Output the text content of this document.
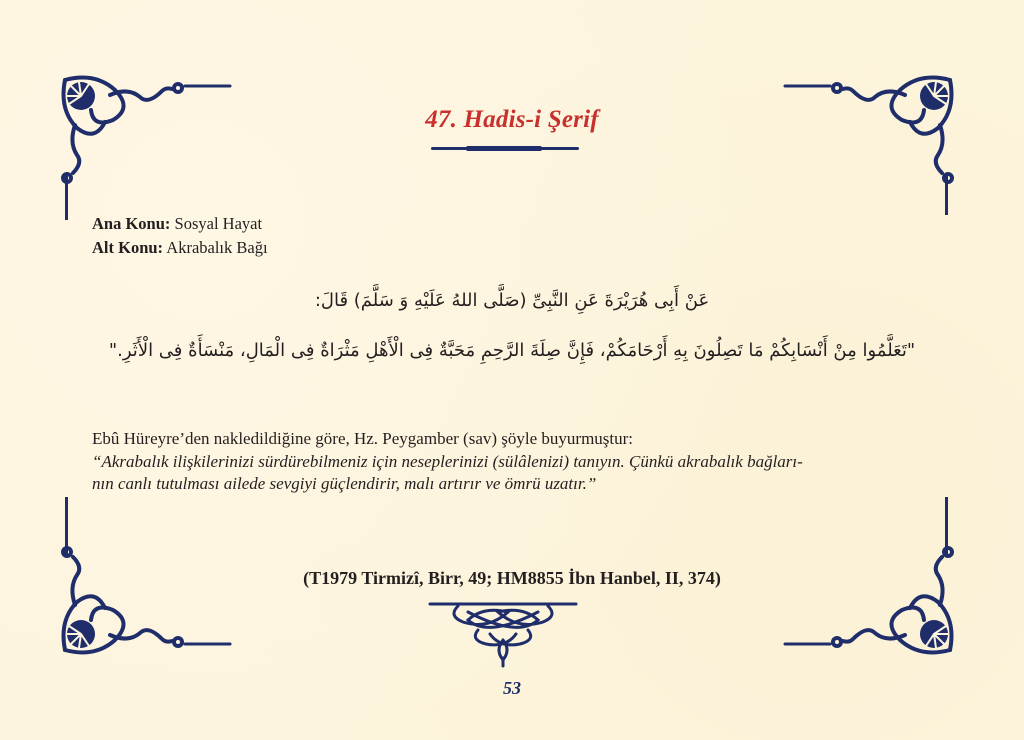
47. Hadis-i Şerif
Ana Konu: Sosyal Hayat
Alt Konu: Akrabalık Bağı
عَنْ أَبِى هُرَيْرَةَ عَنِ النَّبِىِّ (صَلَّى اللهُ عَلَيْهِ وَ سَلَّمَ) قَالَ:
"تَعَلَّمُوا مِنْ أَنْسَابِكُمْ مَا تَصِلُونَ بِهِ أَرْحَامَكُمْ، فَإِنَّ صِلَةَ الرَّحِمِ مَحَبَّةٌ فِى الْأَهْلِ مَثْرَاةٌ فِى الْمَالِ، مَنْسَأَةٌ فِى الْأَثَرِ."
Ebû Hüreyre’den nakledildiğine göre, Hz. Peygamber (sav) şöyle buyurmuştur:
“Akrabalık ilişkilerinizi sürdürebilmeniz için neseplerinizi (sülâlenizi) tanıyın. Çünkü akrabalık bağları-
nın canlı tutulması ailede sevgiyi güçlendirir, malı artırır ve ömrü uzatır.”
(T1979 Tirmizî, Birr, 49; HM8855 İbn Hanbel, II, 374)
53
